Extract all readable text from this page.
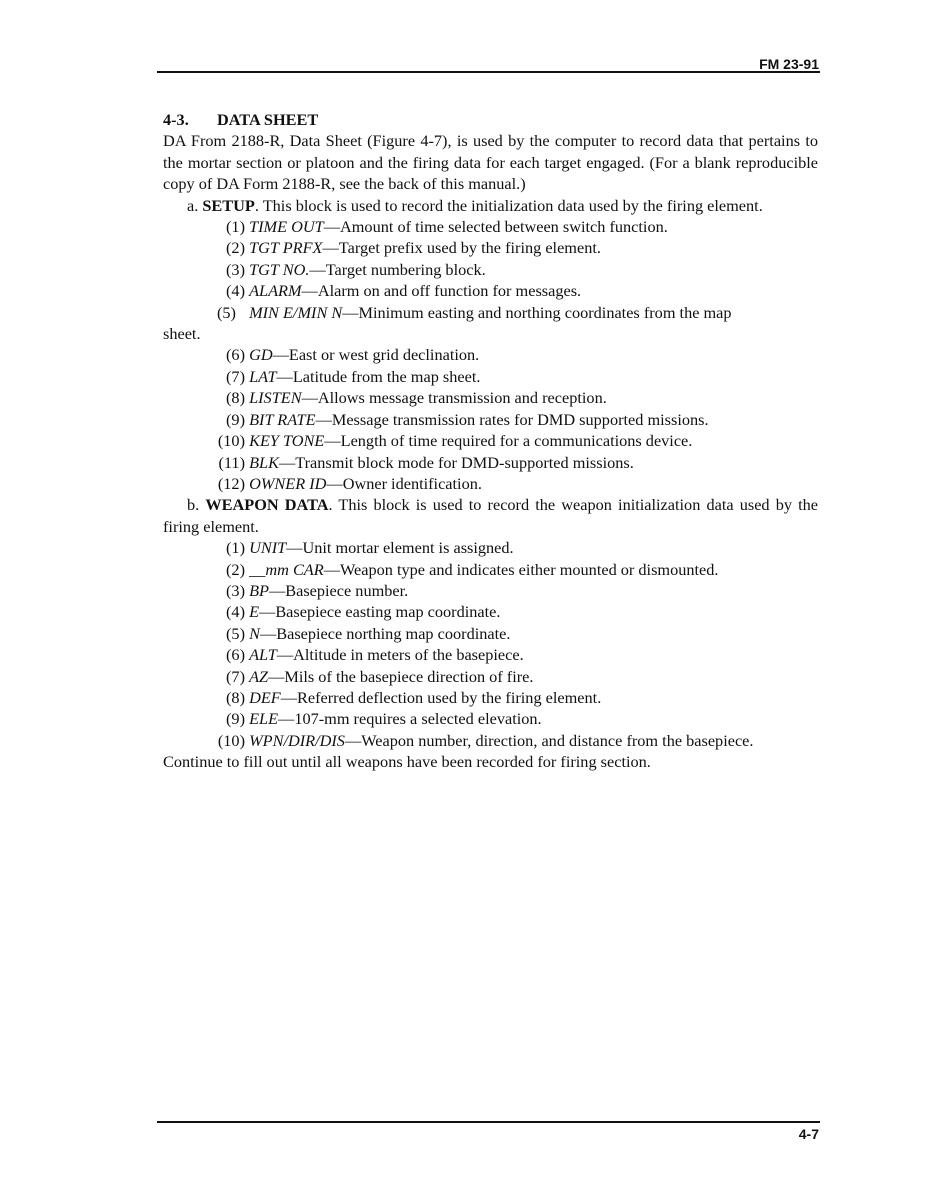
FM 23-91
4-3. DATA SHEET
DA From 2188-R, Data Sheet (Figure 4-7), is used by the computer to record data that pertains to the mortar section or platoon and the firing data for each target engaged. (For a blank reproducible copy of DA Form 2188-R, see the back of this manual.)
a. SETUP. This block is used to record the initialization data used by the firing element.
(1) TIME OUT—Amount of time selected between switch function.
(2) TGT PRFX—Target prefix used by the firing element.
(3) TGT NO.—Target numbering block.
(4) ALARM—Alarm on and off function for messages.
(5) MIN E/MIN N—Minimum easting and northing coordinates from the map
sheet.
(6) GD—East or west grid declination.
(7) LAT—Latitude from the map sheet.
(8) LISTEN—Allows message transmission and reception.
(9) BIT RATE—Message transmission rates for DMD supported missions.
(10) KEY TONE—Length of time required for a communications device.
(11) BLK—Transmit block mode for DMD-supported missions.
(12) OWNER ID—Owner identification.
b. WEAPON DATA. This block is used to record the weapon initialization data used by the firing element.
(1) UNIT—Unit mortar element is assigned.
(2) __mm CAR—Weapon type and indicates either mounted or dismounted.
(3) BP—Basepiece number.
(4) E—Basepiece easting map coordinate.
(5) N—Basepiece northing map coordinate.
(6) ALT—Altitude in meters of the basepiece.
(7) AZ—Mils of the basepiece direction of fire.
(8) DEF—Referred deflection used by the firing element.
(9) ELE—107-mm requires a selected elevation.
(10) WPN/DIR/DIS—Weapon number, direction, and distance from the basepiece.
Continue to fill out until all weapons have been recorded for firing section.
4-7
